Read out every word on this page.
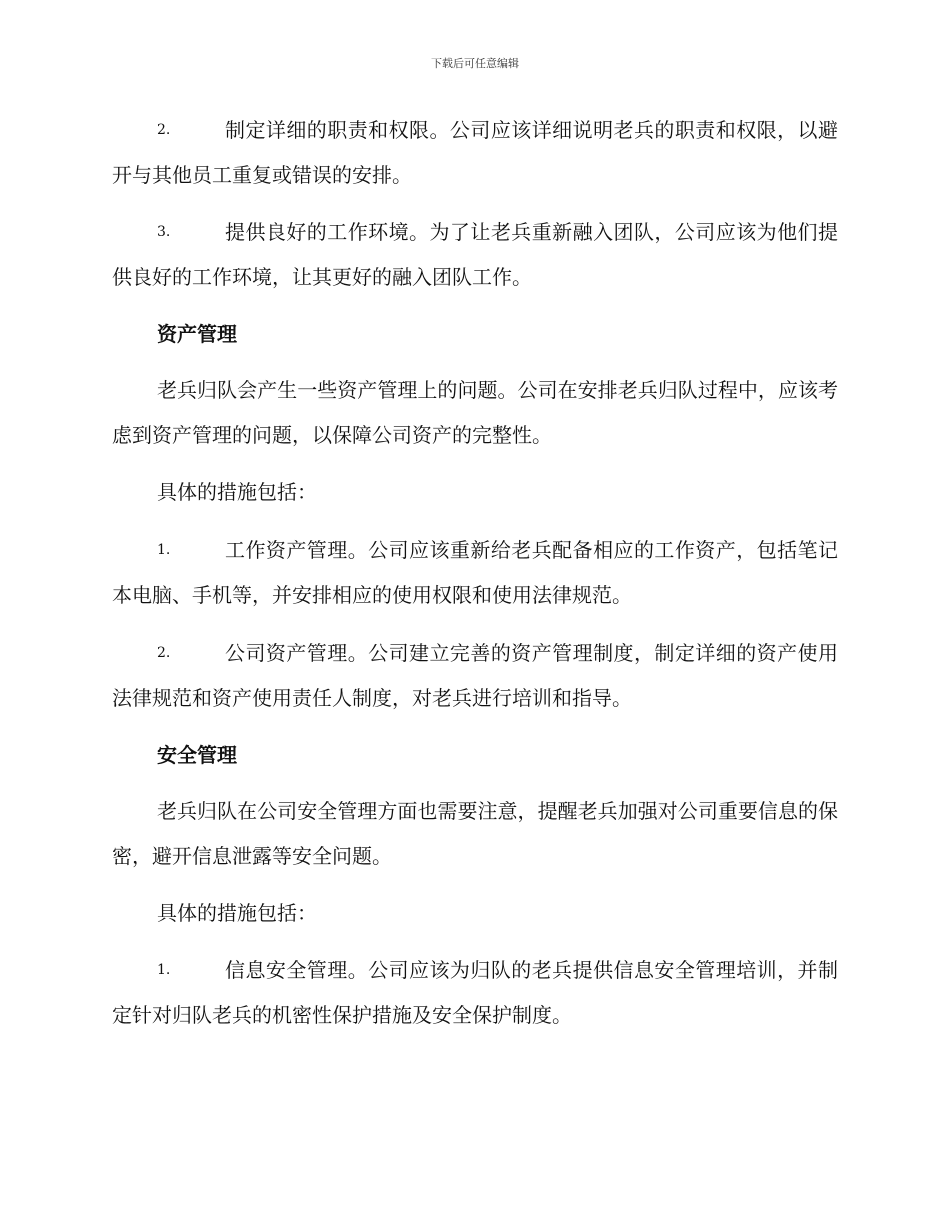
下载后可任意编辑
2.	制定详细的职责和权限。公司应该详细说明老兵的职责和权限，以避开与其他员工重复或错误的安排。
3.	提供良好的工作环境。为了让老兵重新融入团队，公司应该为他们提供良好的工作环境，让其更好的融入团队工作。
资产管理
老兵归队会产生一些资产管理上的问题。公司在安排老兵归队过程中，应该考虑到资产管理的问题，以保障公司资产的完整性。
具体的措施包括：
1.	工作资产管理。公司应该重新给老兵配备相应的工作资产，包括笔记本电脑、手机等，并安排相应的使用权限和使用法律规范。
2.	公司资产管理。公司建立完善的资产管理制度，制定详细的资产使用法律规范和资产使用责任人制度，对老兵进行培训和指导。
安全管理
老兵归队在公司安全管理方面也需要注意，提醒老兵加强对公司重要信息的保密，避开信息泄露等安全问题。
具体的措施包括：
1.	信息安全管理。公司应该为归队的老兵提供信息安全管理培训，并制定针对归队老兵的机密性保护措施及安全保护制度。
